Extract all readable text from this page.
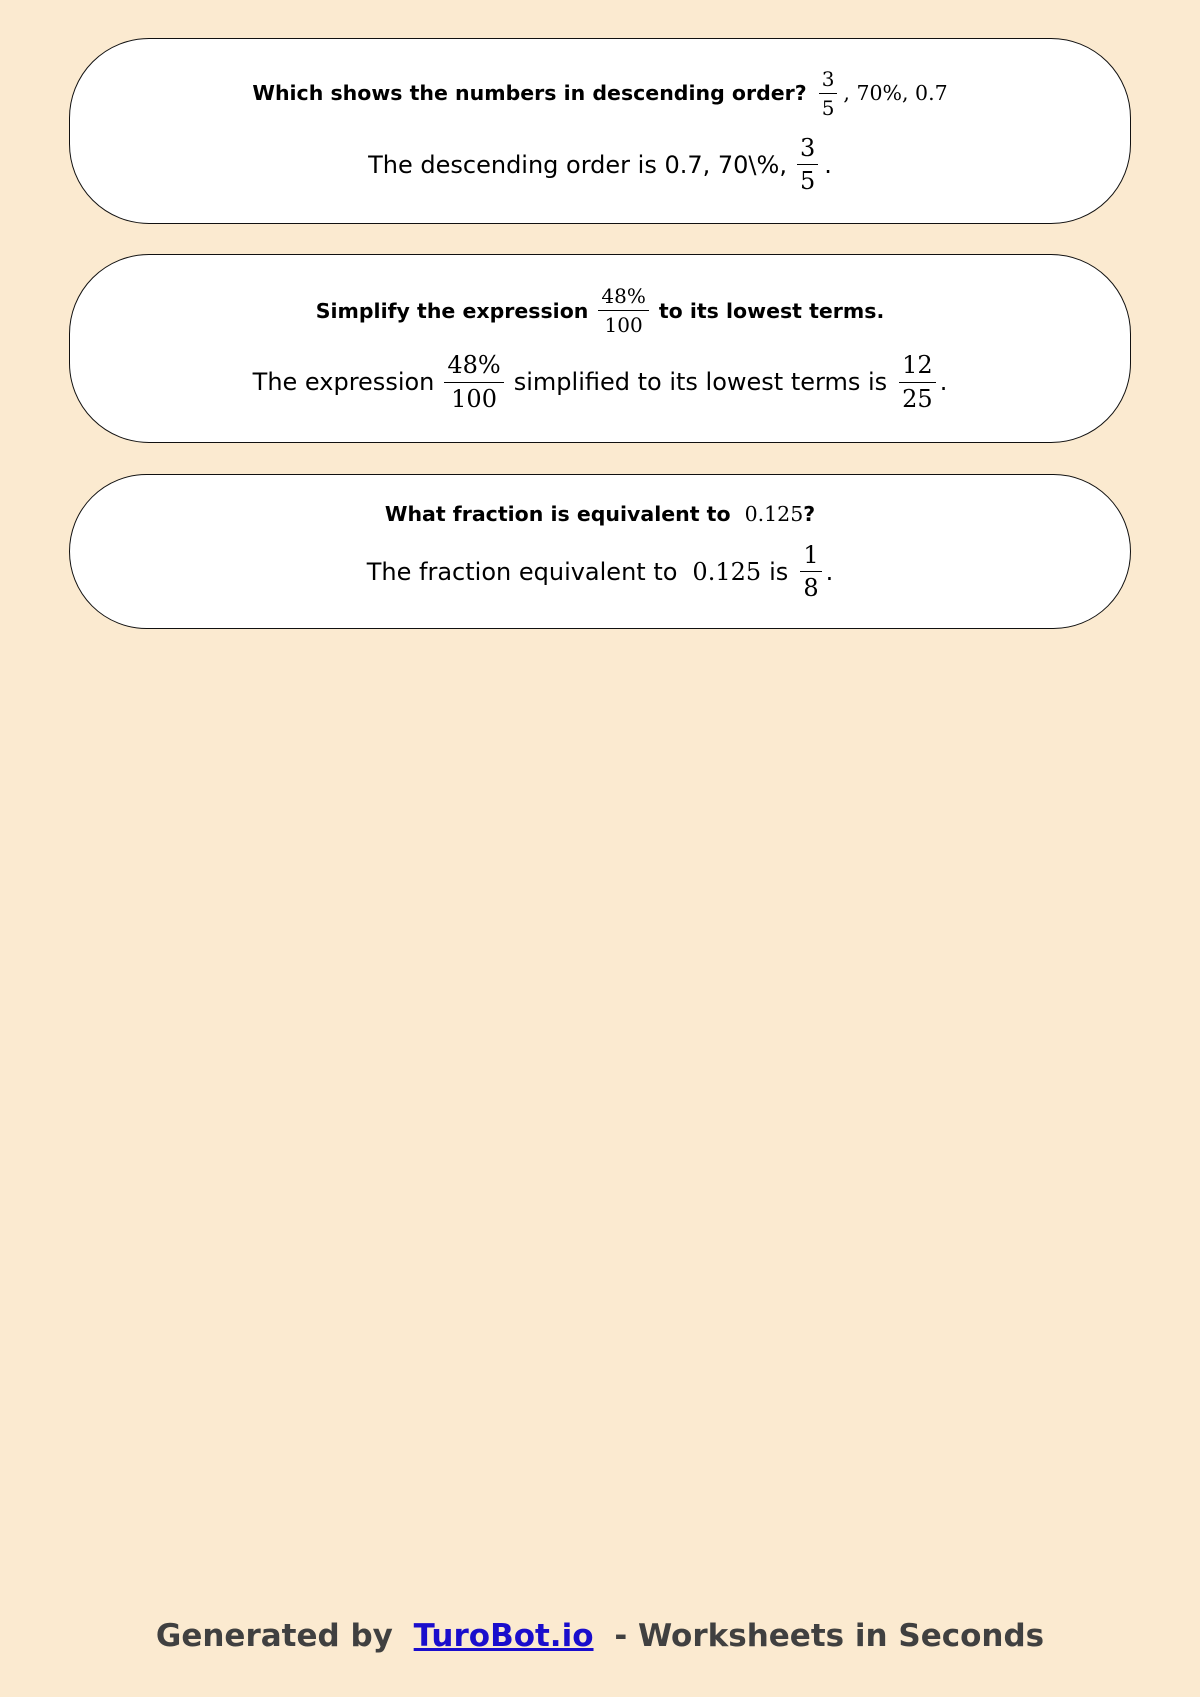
Which shows the numbers in descending order? $\frac{3}{5}$ , 70%, 0.7
The descending order is 0.7, 70\%, $\frac{3}{5}$ .
Simplify the expression $\frac{48\%}{100}$ to its lowest terms.
The expression $\frac{48\%}{100}$ simplified to its lowest terms is $\frac{12}{25}$ .
What fraction is equivalent to 0.125 ?
The fraction equivalent to 0.125 is $\frac{1}{8}$ .
Generated by TuroBot.io - Worksheets in Seconds
